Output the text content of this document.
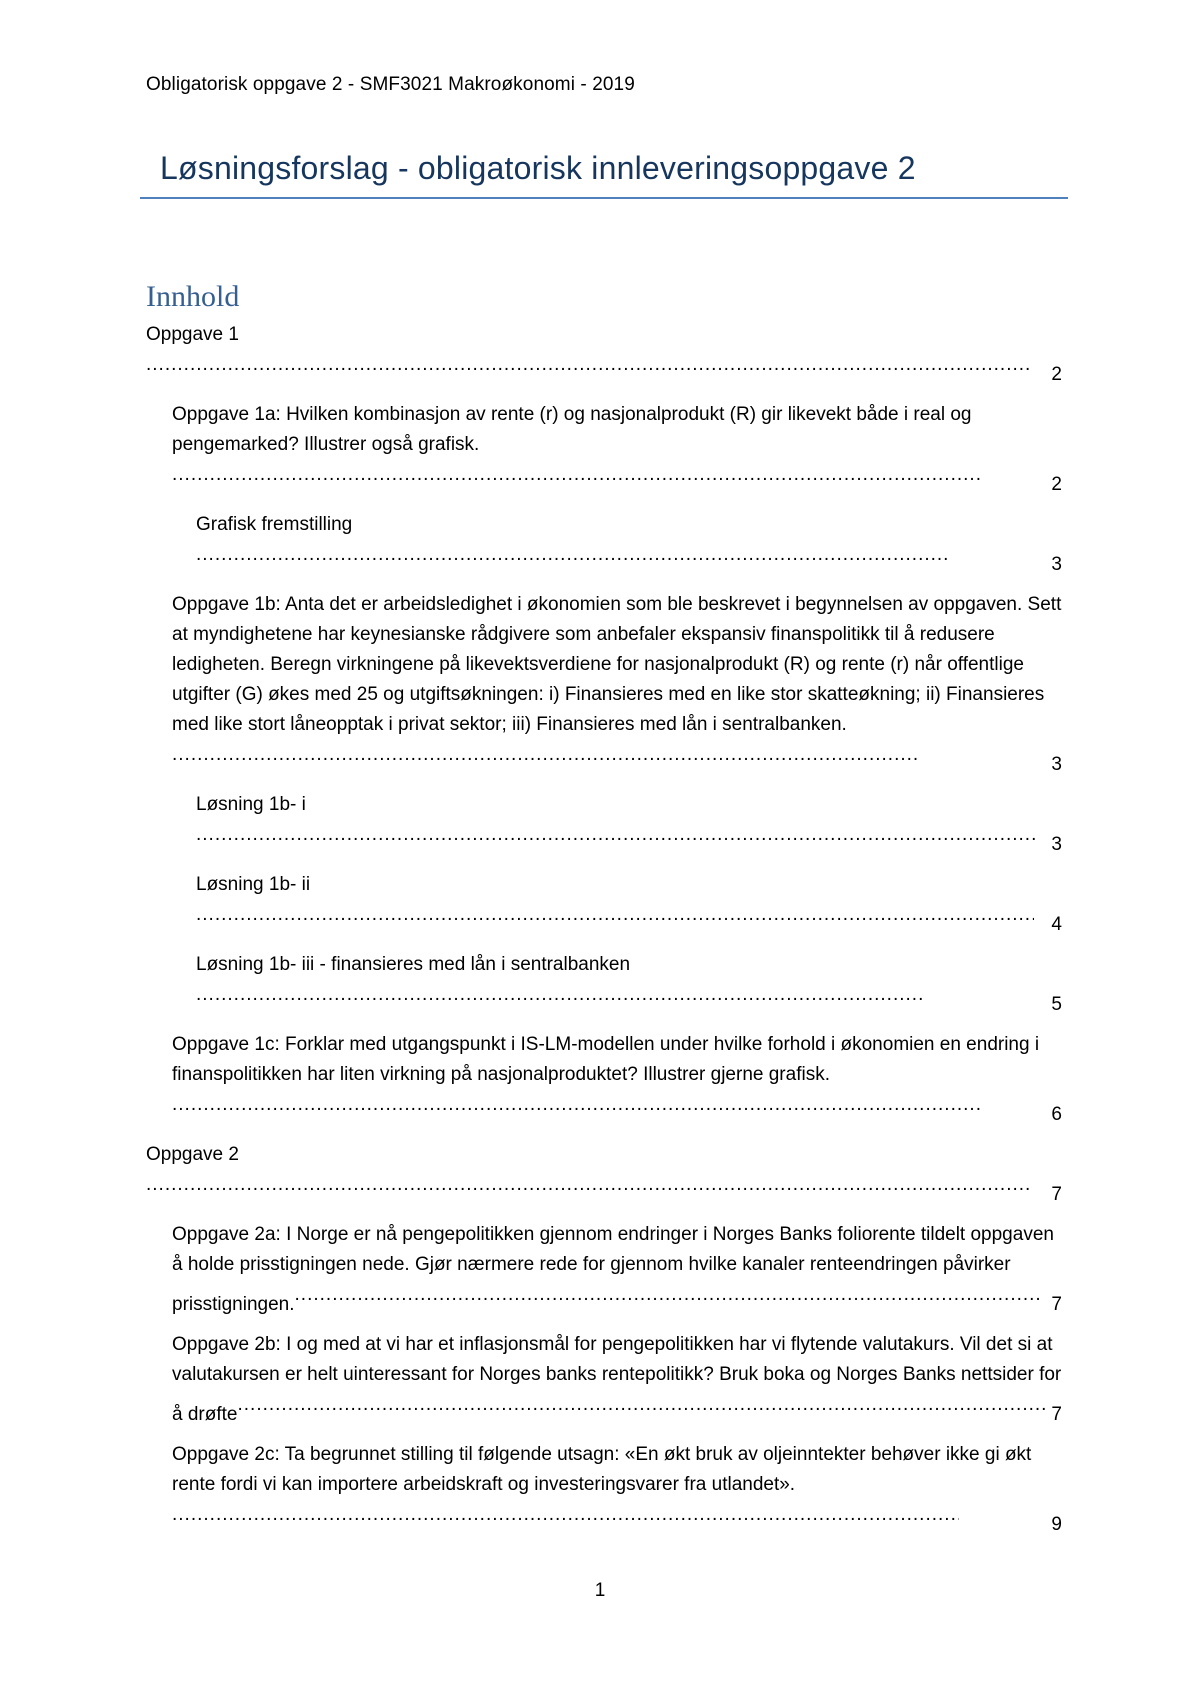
Obligatorisk oppgave 2 - SMF3021 Makroøkonomi - 2019
Løsningsforslag - obligatorisk innleveringsoppgave 2
Innhold
Oppgave 1.....
2
Oppgave 1a: Hvilken kombinasjon av rente (r) og nasjonalprodukt (R) gir likevekt både i real og pengemarked? Illustrer også grafisk......
2
Grafisk fremstilling.....
3
Oppgave 1b: Anta det er arbeidsledighet i økonomien som ble beskrevet i begynnelsen av oppgaven. Sett at myndighetene har keynesianske rådgivere som anbefaler ekspansiv finanspolitikk til å redusere ledigheten. Beregn virkningene på likevektsverdiene for nasjonalprodukt (R) og rente (r) når offentlige utgifter (G) økes med 25 og utgiftsøkningen: i) Finansieres med en like stor skatteøkning; ii) Finansieres med like stort låneopptak i privat sektor; iii) Finansieres med lån i sentralbanken......
3
Løsning 1b- i.....
3
Løsning 1b- ii.....
4
Løsning 1b- iii - finansieres med lån i sentralbanken.....
5
Oppgave 1c: Forklar med utgangspunkt i IS-LM-modellen under hvilke forhold i økonomien en endring i finanspolitikken har liten virkning på nasjonalproduktet? Illustrer gjerne grafisk......
6
Oppgave 2.....
7
Oppgave 2a: I Norge er nå pengepolitikken gjennom endringer i Norges Banks foliorente tildelt oppgaven å holde prisstigningen nede. Gjør nærmere rede for gjennom hvilke kanaler renteendringen påvirker prisstigningen. .....	7
Oppgave 2b: I og med at vi har et inflasjonsmål for pengepolitikken har vi flytende valutakurs. Vil det si at valutakursen er helt uinteressant for Norges banks rentepolitikk? Bruk boka og Norges Banks nettsider for å drøfte .....	7
Oppgave 2c: Ta begrunnet stilling til følgende utsagn: «En økt bruk av oljeinntekter behøver ikke gi økt rente fordi vi kan importere arbeidskraft og investeringsvarer fra utlandet»......
9
1
